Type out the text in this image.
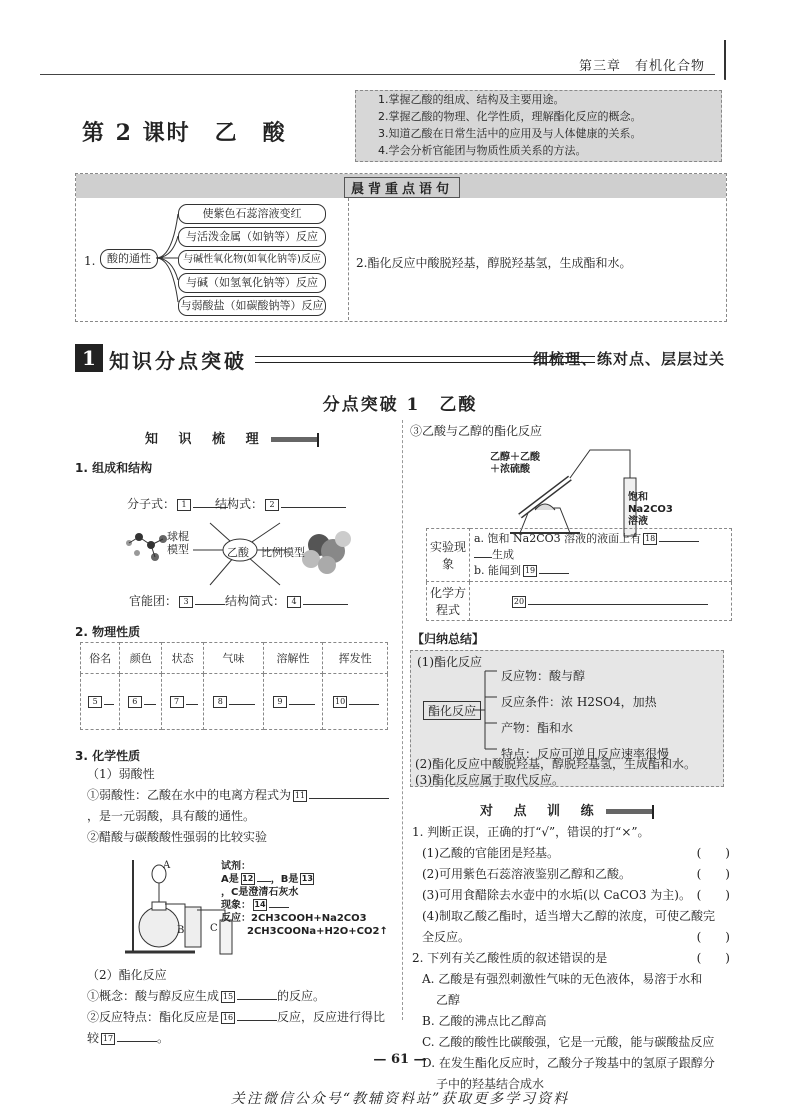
第三章　有机化合物
第 2 课时　乙　酸
1.掌握乙酸的组成、结构及主要用途。
2.掌握乙酸的物理、化学性质，理解酯化反应的概念。
3.知道乙酸在日常生活中的应用及与人体健康的关系。
4.学会分析官能团与物质性质关系的方法。
晨背重点语句
1.	酸的通性
使紫色石蕊溶液变红
与活泼金属（如钠等）反应
与碱性氧化物(如氧化钠等)反应
与碱（如氢氧化钠等）反应
与弱酸盐（如碳酸钠等）反应
2.酯化反应中酸脱羟基，醇脱羟基氢，生成酯和水。
1 知识分点突破	细梳理、练对点、层层过关
分点突破 1　乙酸
知 识 梳 理
1. 组成和结构
分子式： 1	结构式： 2
球棍
模型	乙酸 比例模型
官能团： 3	结构简式： 4
2. 物理性质
俗名	颜色	状态	气味	溶解性	挥发性
5	6	7	8	9	10
3. 化学性质
（1）弱酸性
①弱酸性：乙酸在水中的电离方程式为 11
，是一元弱酸，具有酸的通性。
②醋酸与碳酸酸性强弱的比较实验
A
B	C
试剂：
A是 12 ，B是 13
，C是澄清石灰水
现象： 14
反应：2CH3COOH+Na2CO3
2CH3COONa+H2O+CO2↑
（2）酯化反应
①概念：酸与醇反应生成 15	的反应。
②反应特点：酯化反应是 16	反应，反应进行得比
较 17	。
③乙酸与乙醇的酯化反应
乙醇＋乙酸
＋浓硫酸
饱和
Na2CO3
溶液
实验现象	a. 饱和 Na2CO3 溶液的液面上有 18
生成
b. 能闻到 19

化学方程式	20
【归纳总结】
(1)酯化反应
酯化反应
反应物：酸与醇
反应条件：浓 H2SO4，加热
产物：酯和水
特点：反应可逆且反应速率很慢
(2)酯化反应中酸脱羟基，醇脱羟基氢，生成酯和水。
(3)酯化反应属于取代反应。
对 点 训 练
1. 判断正误，正确的打“√”，错误的打“×”。
(1)乙酸的官能团是羟基。	(　　)
(2)可用紫色石蕊溶液鉴别乙醇和乙酸。	(　　)
(3)可用食醋除去水壶中的水垢(以 CaCO3 为主)。 (　　)
(4)制取乙酸乙酯时，适当增大乙醇的浓度，可使乙酸完
全反应。	(　　)
2. 下列有关乙酸性质的叙述错误的是	(　　)
A. 乙酸是有强烈刺激性气味的无色液体，易溶于水和
乙醇
B. 乙酸的沸点比乙醇高
C. 乙酸的酸性比碳酸强，它是一元酸，能与碳酸盐反应
D. 在发生酯化反应时，乙酸分子羧基中的氢原子跟醇分
子中的羟基结合成水
— 61 —
关注微信公众号“教辅资料站”获取更多学习资料
